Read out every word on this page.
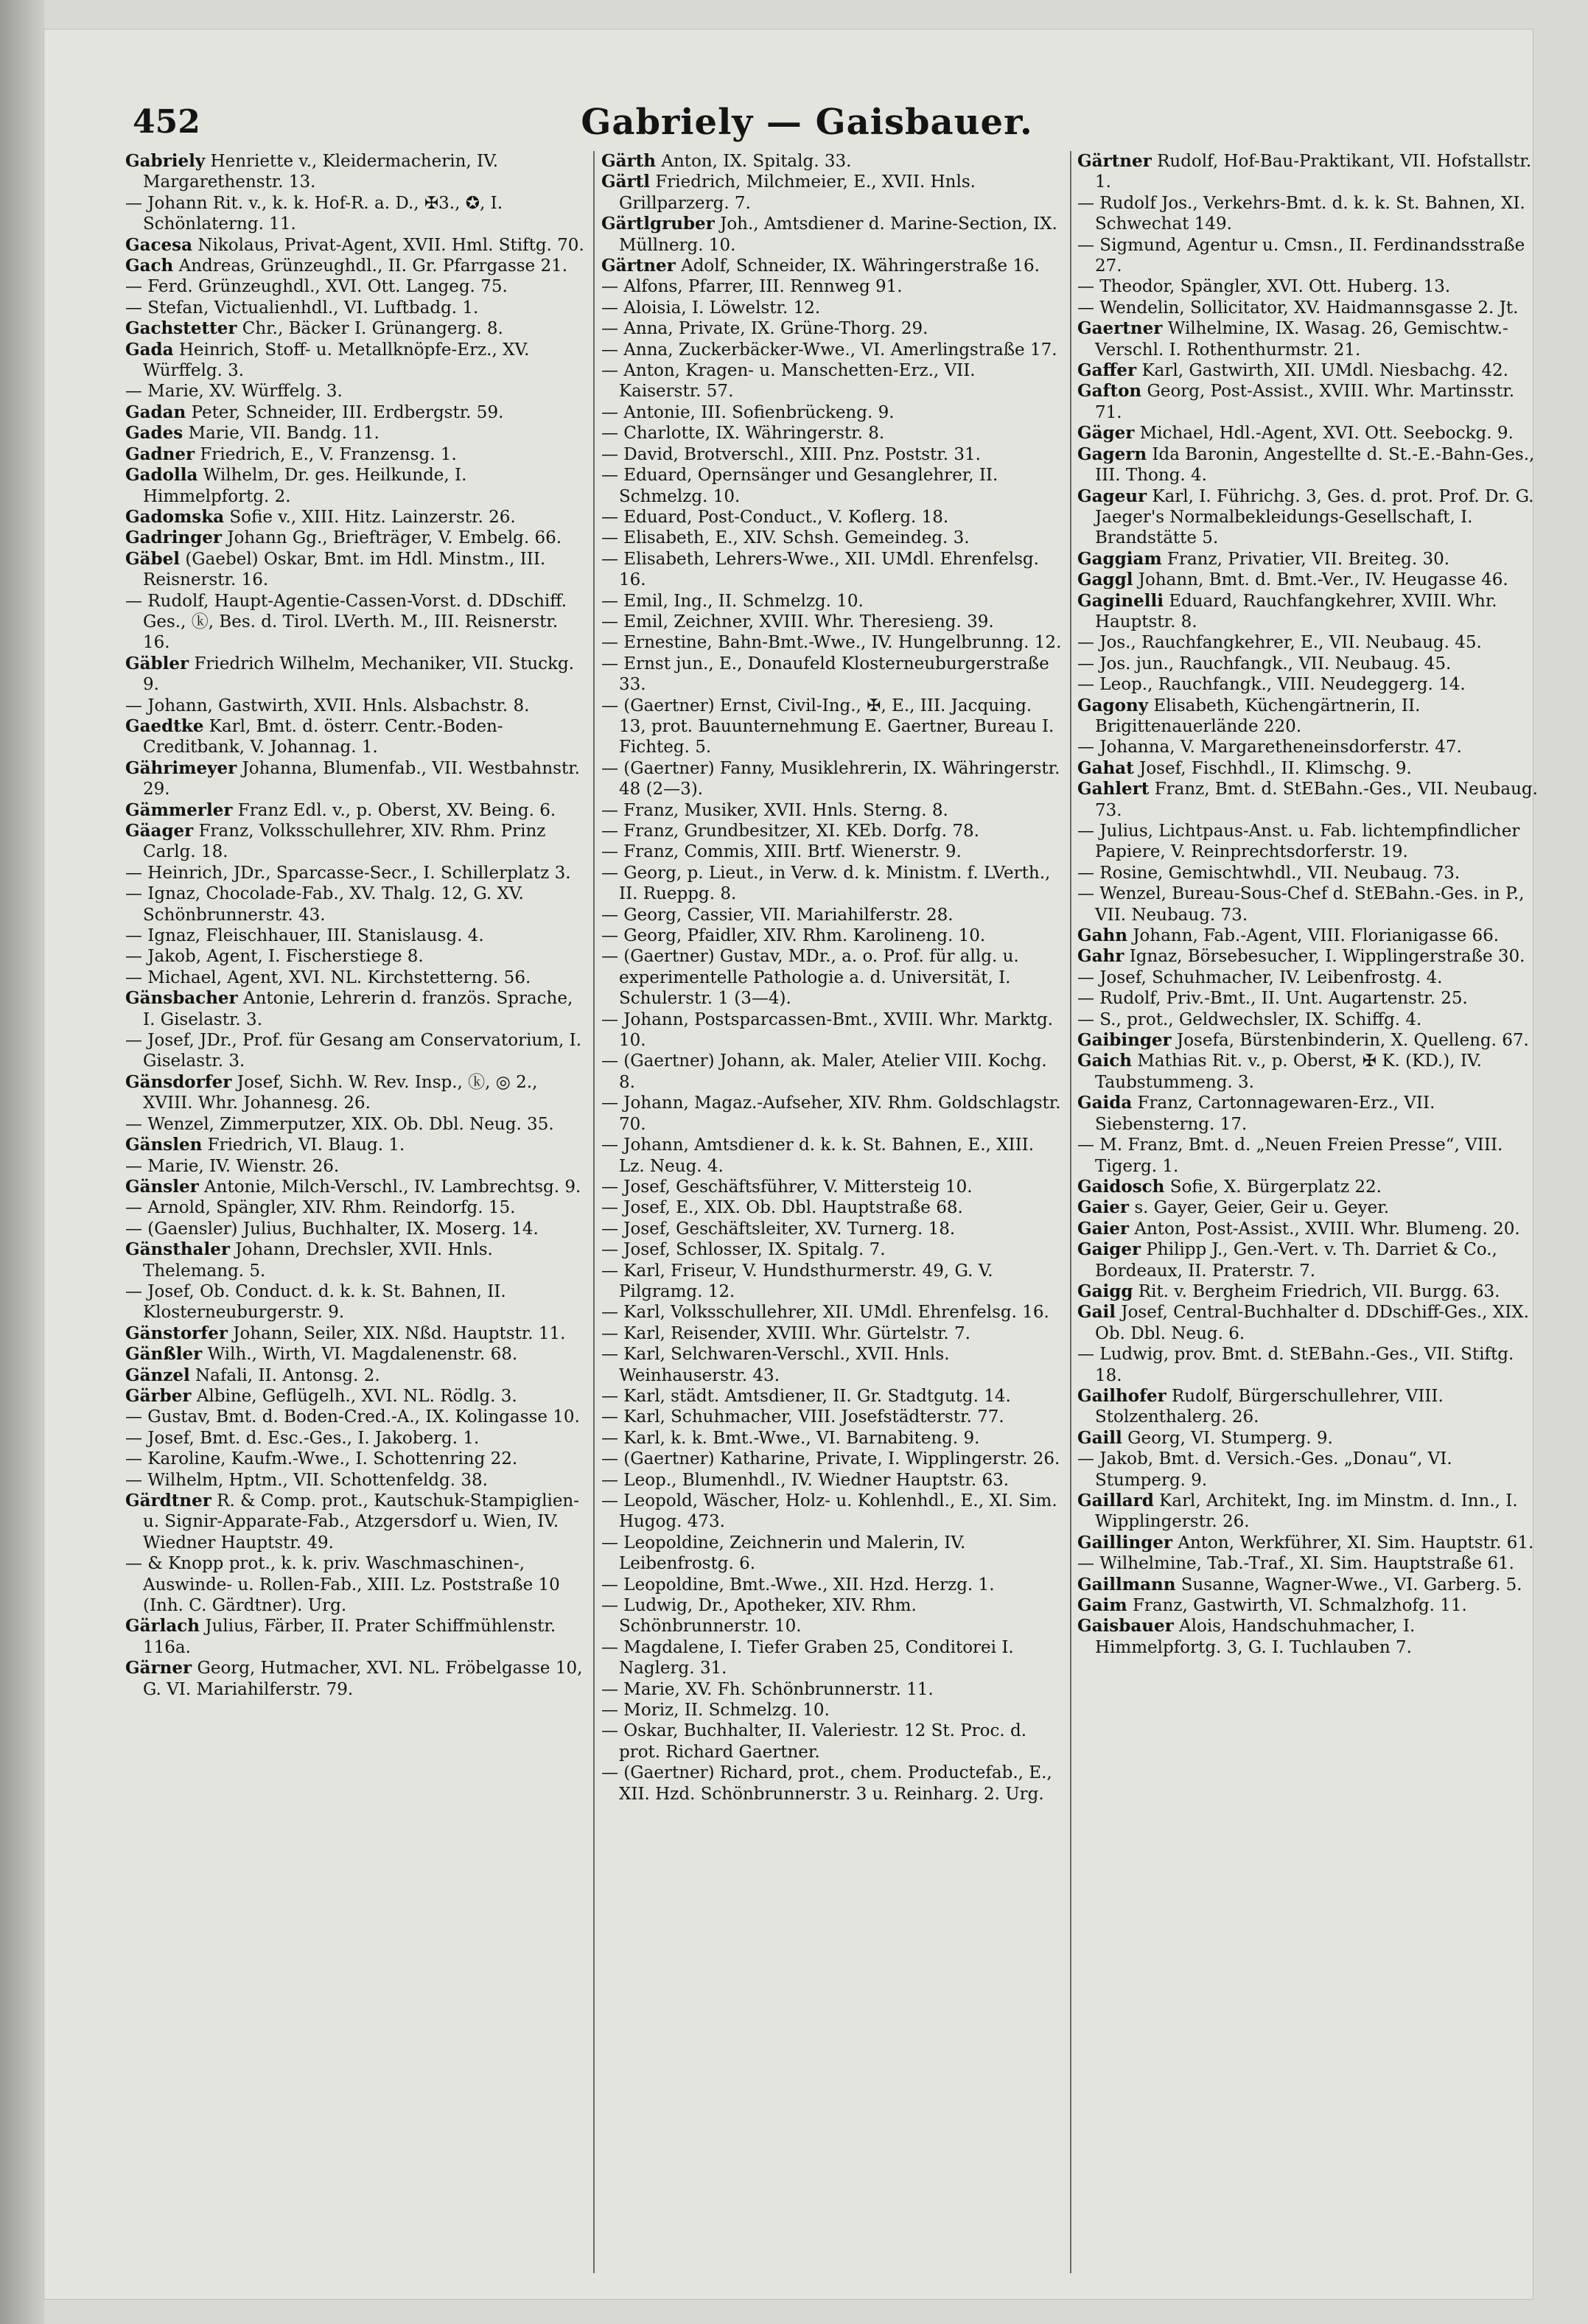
452	Gabriely — Gaisbauer.
Gabriely Henriette v., Kleidermacherin, IV. Margarethenstr. 13.
— Johann Rit. v., k. k. Hof-R. a. D., ✠3., ✪, I. Schönlaterng. 11.
Gacesa Nikolaus, Privat-Agent, XVII. Hml. Stiftg. 70.
Gach Andreas, Grünzeughdl., II. Gr. Pfarrgasse 21.
— Ferd. Grünzeughdl., XVI. Ott. Langeg. 75.
— Stefan, Victualienhdl., VI. Luftbadg. 1.
Gachstetter Chr., Bäcker I. Grünangerg. 8.
Gada Heinrich, Stoff- u. Metallknöpfe-Erz., XV. Würffelg. 3.
— Marie, XV. Würffelg. 3.
Gadan Peter, Schneider, III. Erdbergstr. 59.
Gades Marie, VII. Bandg. 11.
Gadner Friedrich, E., V. Franzensg. 1.
Gadolla Wilhelm, Dr. ges. Heilkunde, I. Himmelpfortg. 2.
Gadomska Sofie v., XIII. Hitz. Lainzerstr. 26.
Gadringer Johann Gg., Briefträger, V. Embelg. 66.
Gäbel (Gaebel) Oskar, Bmt. im Hdl. Minstm., III. Reisnerstr. 16.
— Rudolf, Haupt-Agentie-Cassen-Vorst. d. DDschiff. Ges., ⓚ, Bes. d. Tirol. LVerth. M., III. Reisnerstr. 16.
Gäbler Friedrich Wilhelm, Mechaniker, VII. Stuckg. 9.
— Johann, Gastwirth, XVII. Hnls. Alsbachstr. 8.
Gaedtke Karl, Bmt. d. österr. Centr.-Boden-Creditbank, V. Johannag. 1.
Gährimeyer Johanna, Blumenfab., VII. Westbahnstr. 29.
Gämmerler Franz Edl. v., p. Oberst, XV. Being. 6.
Gäager Franz, Volksschullehrer, XIV. Rhm. Prinz Carlg. 18.
— Heinrich, JDr., Sparcasse-Secr., I. Schillerplatz 3.
— Ignaz, Chocolade-Fab., XV. Thalg. 12, G. XV. Schönbrunnerstr. 43.
— Ignaz, Fleischhauer, III. Stanislausg. 4.
— Jakob, Agent, I. Fischerstiege 8.
— Michael, Agent, XVI. NL. Kirchstetterng. 56.
Gänsbacher Antonie, Lehrerin d. französ. Sprache, I. Giselastr. 3.
— Josef, JDr., Prof. für Gesang am Conservatorium, I. Giselastr. 3.
Gänsdorfer Josef, Sichh. W. Rev. Insp., ⓚ, ◎ 2., XVIII. Whr. Johannesg. 26.
— Wenzel, Zimmerputzer, XIX. Ob. Dbl. Neug. 35.
Gänslen Friedrich, VI. Blaug. 1.
— Marie, IV. Wienstr. 26.
Gänsler Antonie, Milch-Verschl., IV. Lambrechtsg. 9.
— Arnold, Spängler, XIV. Rhm. Reindorfg. 15.
— (Gaensler) Julius, Buchhalter, IX. Moserg. 14.
Gänsthaler Johann, Drechsler, XVII. Hnls. Thelemang. 5.
— Josef, Ob. Conduct. d. k. k. St. Bahnen, II. Klosterneuburgerstr. 9.
Gänstorfer Johann, Seiler, XIX. Nßd. Hauptstr. 11.
Gänßler Wilh., Wirth, VI. Magdalenenstr. 68.
Gänzel Nafali, II. Antonsg. 2.
Gärber Albine, Geflügelh., XVI. NL. Rödlg. 3.
— Gustav, Bmt. d. Boden-Cred.-A., IX. Kolingasse 10.
— Josef, Bmt. d. Esc.-Ges., I. Jakoberg. 1.
— Karoline, Kaufm.-Wwe., I. Schottenring 22.
— Wilhelm, Hptm., VII. Schottenfeldg. 38.
Gärdtner R. & Comp. prot., Kautschuk-Stampiglien- u. Signir-Apparate-Fab., Atzgersdorf u. Wien, IV. Wiedner Hauptstr. 49.
— & Knopp prot., k. k. priv. Waschmaschinen-, Auswinde- u. Rollen-Fab., XIII. Lz. Poststraße 10 (Inh. C. Gärdtner). Urg.
Gärlach Julius, Färber, II. Prater Schiffmühlenstr. 116a.
Gärner Georg, Hutmacher, XVI. NL. Fröbelgasse 10, G. VI. Mariahilferstr. 79.
Gärth Anton, IX. Spitalg. 33.
Gärtl Friedrich, Milchmeier, E., XVII. Hnls. Grillparzerg. 7.
Gärtlgruber Joh., Amtsdiener d. Marine-Section, IX. Müllnerg. 10.
Gärtner Adolf, Schneider, IX. Währingerstraße 16.
— Alfons, Pfarrer, III. Rennweg 91.
— Aloisia, I. Löwelstr. 12.
— Anna, Private, IX. Grüne-Thorg. 29.
— Anna, Zuckerbäcker-Wwe., VI. Amerlingstraße 17.
— Anton, Kragen- u. Manschetten-Erz., VII. Kaiserstr. 57.
— Antonie, III. Sofienbrückeng. 9.
— Charlotte, IX. Währingerstr. 8.
— David, Brotverschl., XIII. Pnz. Poststr. 31.
— Eduard, Opernsänger und Gesanglehrer, II. Schmelzg. 10.
— Eduard, Post-Conduct., V. Koflerg. 18.
— Elisabeth, E., XIV. Schsh. Gemeindeg. 3.
— Elisabeth, Lehrers-Wwe., XII. UMdl. Ehrenfelsg. 16.
— Emil, Ing., II. Schmelzg. 10.
— Emil, Zeichner, XVIII. Whr. Theresieng. 39.
— Ernestine, Bahn-Bmt.-Wwe., IV. Hungelbrunng. 12.
— Ernst jun., E., Donaufeld Klosterneuburgerstraße 33.
— (Gaertner) Ernst, Civil-Ing., ✠, E., III. Jacquing. 13, prot. Bauunternehmung E. Gaertner, Bureau I. Fichteg. 5.
— (Gaertner) Fanny, Musiklehrerin, IX. Währingerstr. 48 (2—3).
— Franz, Musiker, XVII. Hnls. Sterng. 8.
— Franz, Grundbesitzer, XI. KEb. Dorfg. 78.
— Franz, Commis, XIII. Brtf. Wienerstr. 9.
— Georg, p. Lieut., in Verw. d. k. Ministm. f. LVerth., II. Rueppg. 8.
— Georg, Cassier, VII. Mariahilferstr. 28.
— Georg, Pfaidler, XIV. Rhm. Karolineng. 10.
— (Gaertner) Gustav, MDr., a. o. Prof. für allg. u. experimentelle Pathologie a. d. Universität, I. Schulerstr. 1 (3—4).
— Johann, Postsparcassen-Bmt., XVIII. Whr. Marktg. 10.
— (Gaertner) Johann, ak. Maler, Atelier VIII. Kochg. 8.
— Johann, Magaz.-Aufseher, XIV. Rhm. Goldschlagstr. 70.
— Johann, Amtsdiener d. k. k. St. Bahnen, E., XIII. Lz. Neug. 4.
— Josef, Geschäftsführer, V. Mittersteig 10.
— Josef, E., XIX. Ob. Dbl. Hauptstraße 68.
— Josef, Geschäftsleiter, XV. Turnerg. 18.
— Josef, Schlosser, IX. Spitalg. 7.
— Karl, Friseur, V. Hundsthurmerstr. 49, G. V. Pilgramg. 12.
— Karl, Volksschullehrer, XII. UMdl. Ehrenfelsg. 16.
— Karl, Reisender, XVIII. Whr. Gürtelstr. 7.
— Karl, Selchwaren-Verschl., XVII. Hnls. Weinhauserstr. 43.
— Karl, städt. Amtsdiener, II. Gr. Stadtgutg. 14.
— Karl, Schuhmacher, VIII. Josefstädterstr. 77.
— Karl, k. k. Bmt.-Wwe., VI. Barnabiteng. 9.
— (Gaertner) Katharine, Private, I. Wipplingerstr. 26.
— Leop., Blumenhdl., IV. Wiedner Hauptstr. 63.
— Leopold, Wäscher, Holz- u. Kohlenhdl., E., XI. Sim. Hugog. 473.
— Leopoldine, Zeichnerin und Malerin, IV. Leibenfrostg. 6.
— Leopoldine, Bmt.-Wwe., XII. Hzd. Herzg. 1.
— Ludwig, Dr., Apotheker, XIV. Rhm. Schönbrunnerstr. 10.
— Magdalene, I. Tiefer Graben 25, Conditorei I. Naglerg. 31.
— Marie, XV. Fh. Schönbrunnerstr. 11.
— Moriz, II. Schmelzg. 10.
— Oskar, Buchhalter, II. Valeriestr. 12 St. Proc. d. prot. Richard Gaertner.
— (Gaertner) Richard, prot., chem. Productefab., E., XII. Hzd. Schönbrunnerstr. 3 u. Reinharg. 2. Urg.
Gärtner Rudolf, Hof-Bau-Praktikant, VII. Hofstallstr. 1.
— Rudolf Jos., Verkehrs-Bmt. d. k. k. St. Bahnen, XI. Schwechat 149.
— Sigmund, Agentur u. Cmsn., II. Ferdinandsstraße 27.
— Theodor, Spängler, XVI. Ott. Huberg. 13.
— Wendelin, Sollicitator, XV. Haidmannsgasse 2. Jt.
Gaertner Wilhelmine, IX. Wasag. 26, Gemischtw.-Verschl. I. Rothenthurmstr. 21.
Gaffer Karl, Gastwirth, XII. UMdl. Niesbachg. 42.
Gafton Georg, Post-Assist., XVIII. Whr. Martinsstr. 71.
Gäger Michael, Hdl.-Agent, XVI. Ott. Seebockg. 9.
Gagern Ida Baronin, Angestellte d. St.-E.-Bahn-Ges., III. Thong. 4.
Gageur Karl, I. Führichg. 3, Ges. d. prot. Prof. Dr. G. Jaeger's Normalbekleidungs-Gesellschaft, I. Brandstätte 5.
Gaggiam Franz, Privatier, VII. Breiteg. 30.
Gaggl Johann, Bmt. d. Bmt.-Ver., IV. Heugasse 46.
Gaginelli Eduard, Rauchfangkehrer, XVIII. Whr. Hauptstr. 8.
— Jos., Rauchfangkehrer, E., VII. Neubaug. 45.
— Jos. jun., Rauchfangk., VII. Neubaug. 45.
— Leop., Rauchfangk., VIII. Neudeggerg. 14.
Gagony Elisabeth, Küchengärtnerin, II. Brigittenauerlände 220.
— Johanna, V. Margaretheneinsdorferstr. 47.
Gahat Josef, Fischhdl., II. Klimschg. 9.
Gahlert Franz, Bmt. d. StEBahn.-Ges., VII. Neubaug. 73.
— Julius, Lichtpaus-Anst. u. Fab. lichtempfindlicher Papiere, V. Reinprechtsdorferstr. 19.
— Rosine, Gemischtwhdl., VII. Neubaug. 73.
— Wenzel, Bureau-Sous-Chef d. StEBahn.-Ges. in P., VII. Neubaug. 73.
Gahn Johann, Fab.-Agent, VIII. Florianigasse 66.
Gahr Ignaz, Börsebesucher, I. Wipplingerstraße 30.
— Josef, Schuhmacher, IV. Leibenfrostg. 4.
— Rudolf, Priv.-Bmt., II. Unt. Augartenstr. 25.
— S., prot., Geldwechsler, IX. Schiffg. 4.
Gaibinger Josefa, Bürstenbinderin, X. Quelleng. 67.
Gaich Mathias Rit. v., p. Oberst, ✠ K. (KD.), IV. Taubstummeng. 3.
Gaida Franz, Cartonnagewaren-Erz., VII. Siebensterng. 17.
— M. Franz, Bmt. d. „Neuen Freien Presse“, VIII. Tigerg. 1.
Gaidosch Sofie, X. Bürgerplatz 22.
Gaier s. Gayer, Geier, Geir u. Geyer.
Gaier Anton, Post-Assist., XVIII. Whr. Blumeng. 20.
Gaiger Philipp J., Gen.-Vert. v. Th. Darriet & Co., Bordeaux, II. Praterstr. 7.
Gaigg Rit. v. Bergheim Friedrich, VII. Burgg. 63.
Gail Josef, Central-Buchhalter d. DDschiff-Ges., XIX. Ob. Dbl. Neug. 6.
— Ludwig, prov. Bmt. d. StEBahn.-Ges., VII. Stiftg. 18.
Gailhofer Rudolf, Bürgerschullehrer, VIII. Stolzenthalerg. 26.
Gaill Georg, VI. Stumperg. 9.
— Jakob, Bmt. d. Versich.-Ges. „Donau“, VI. Stumperg. 9.
Gaillard Karl, Architekt, Ing. im Minstm. d. Inn., I. Wipplingerstr. 26.
Gaillinger Anton, Werkführer, XI. Sim. Hauptstr. 61.
— Wilhelmine, Tab.-Traf., XI. Sim. Hauptstraße 61.
Gaillmann Susanne, Wagner-Wwe., VI. Garberg. 5.
Gaim Franz, Gastwirth, VI. Schmalzhofg. 11.
Gaisbauer Alois, Handschuhmacher, I. Himmelpfortg. 3, G. I. Tuchlauben 7.
